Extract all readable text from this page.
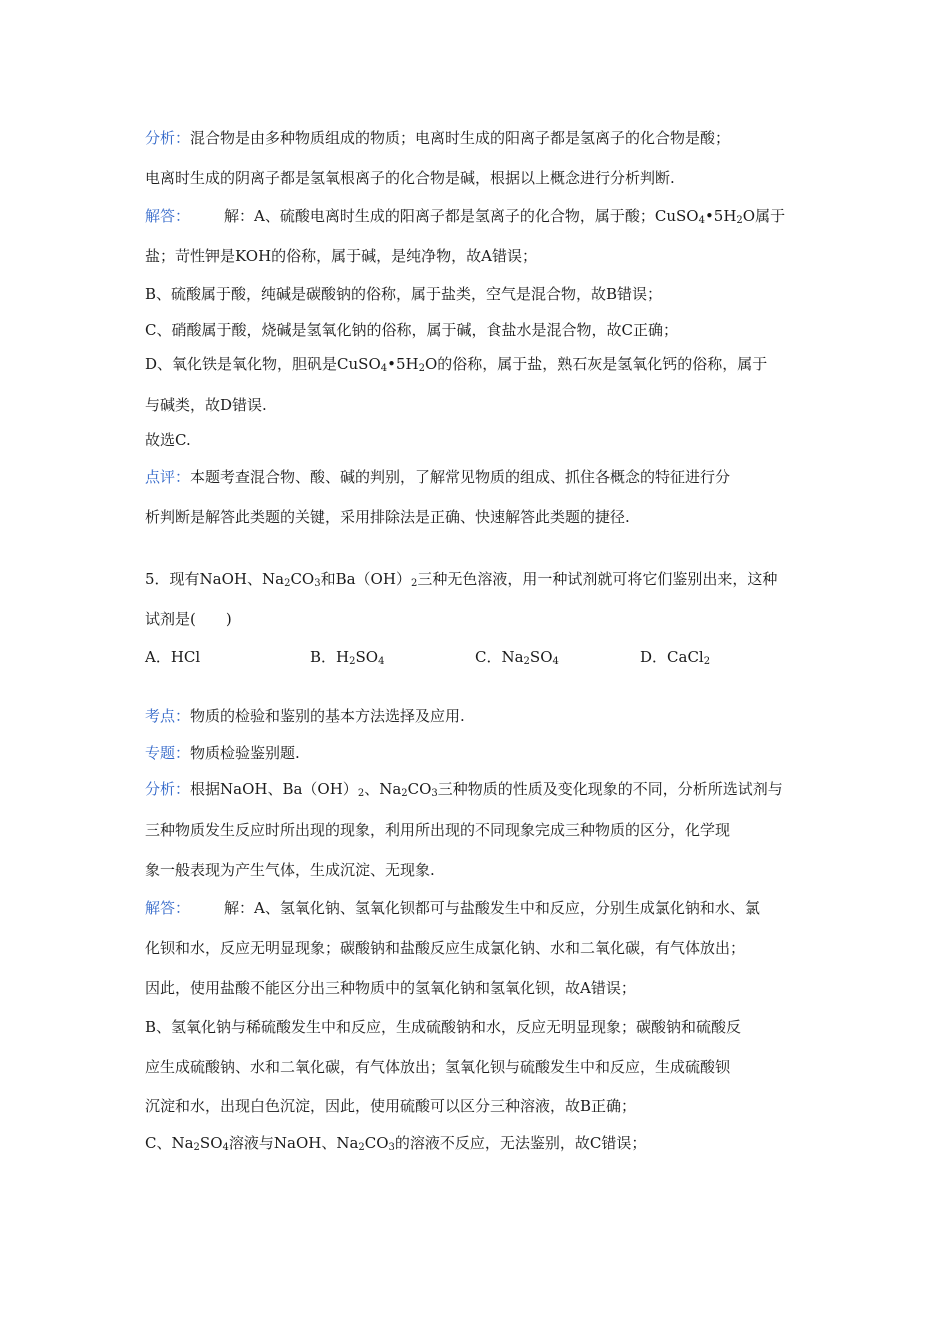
分析：混合物是由多种物质组成的物质；电离时生成的阳离子都是氢离子的化合物是酸；
电离时生成的阴离子都是氢氧根离子的化合物是碱，根据以上概念进行分析判断.
解答： 解：A、硫酸电离时生成的阳离子都是氢离子的化合物，属于酸；$CuSO_4•5H_2O$属于
盐；苛性钾是KOH的俗称，属于碱，是纯净物，故A错误；
B、硫酸属于酸，纯碱是碳酸钠的俗称，属于盐类，空气是混合物，故B错误；
C、硝酸属于酸，烧碱是氢氧化钠的俗称，属于碱，食盐水是混合物，故C正确；
D、氧化铁是氧化物，胆矾是$CuSO_4•5H_2O$的俗称，属于盐，熟石灰是氢氧化钙的俗称，属于
与碱类，故D错误.
故选C.
点评：本题考查混合物、酸、碱的判别，了解常见物质的组成、抓住各概念的特征进行分
析判断是解答此类题的关键，采用排除法是正确、快速解答此类题的捷径.
5．现有NaOH、$Na_2CO_3$和$Ba(OH)_2$三种无色溶液，用一种试剂就可将它们鉴别出来，这种
试剂是(　　)
A．HCl	B．$H_2SO_4$	C．$Na_2SO_4$	D．CaCl$_2$
考点：物质的检验和鉴别的基本方法选择及应用.
专题：物质检验鉴别题.
分析：根据NaOH、$Ba(OH)_2$、$Na_2CO_3$三种物质的性质及变化现象的不同，分析所选试剂与
三种物质发生反应时所出现的现象，利用所出现的不同现象完成三种物质的区分，化学现
象一般表现为产生气体，生成沉淀、无现象.
解答： 解：A、氢氧化钠、氢氧化钡都可与盐酸发生中和反应，分别生成氯化钠和水、氯
化钡和水，反应无明显现象；碳酸钠和盐酸反应生成氯化钠、水和二氧化碳，有气体放出；
因此，使用盐酸不能区分出三种物质中的氢氧化钠和氢氧化钡，故A错误；
B、氢氧化钠与稀硫酸发生中和反应，生成硫酸钠和水，反应无明显现象；碳酸钠和硫酸反
应生成硫酸钠、水和二氧化碳，有气体放出；氢氧化钡与硫酸发生中和反应，生成硫酸钡
沉淀和水，出现白色沉淀，因此，使用硫酸可以区分三种溶液，故B正确；
C、$Na_2SO_4$溶液与NaOH、$Na_2CO_3$的溶液不反应，无法鉴别，故C错误；
